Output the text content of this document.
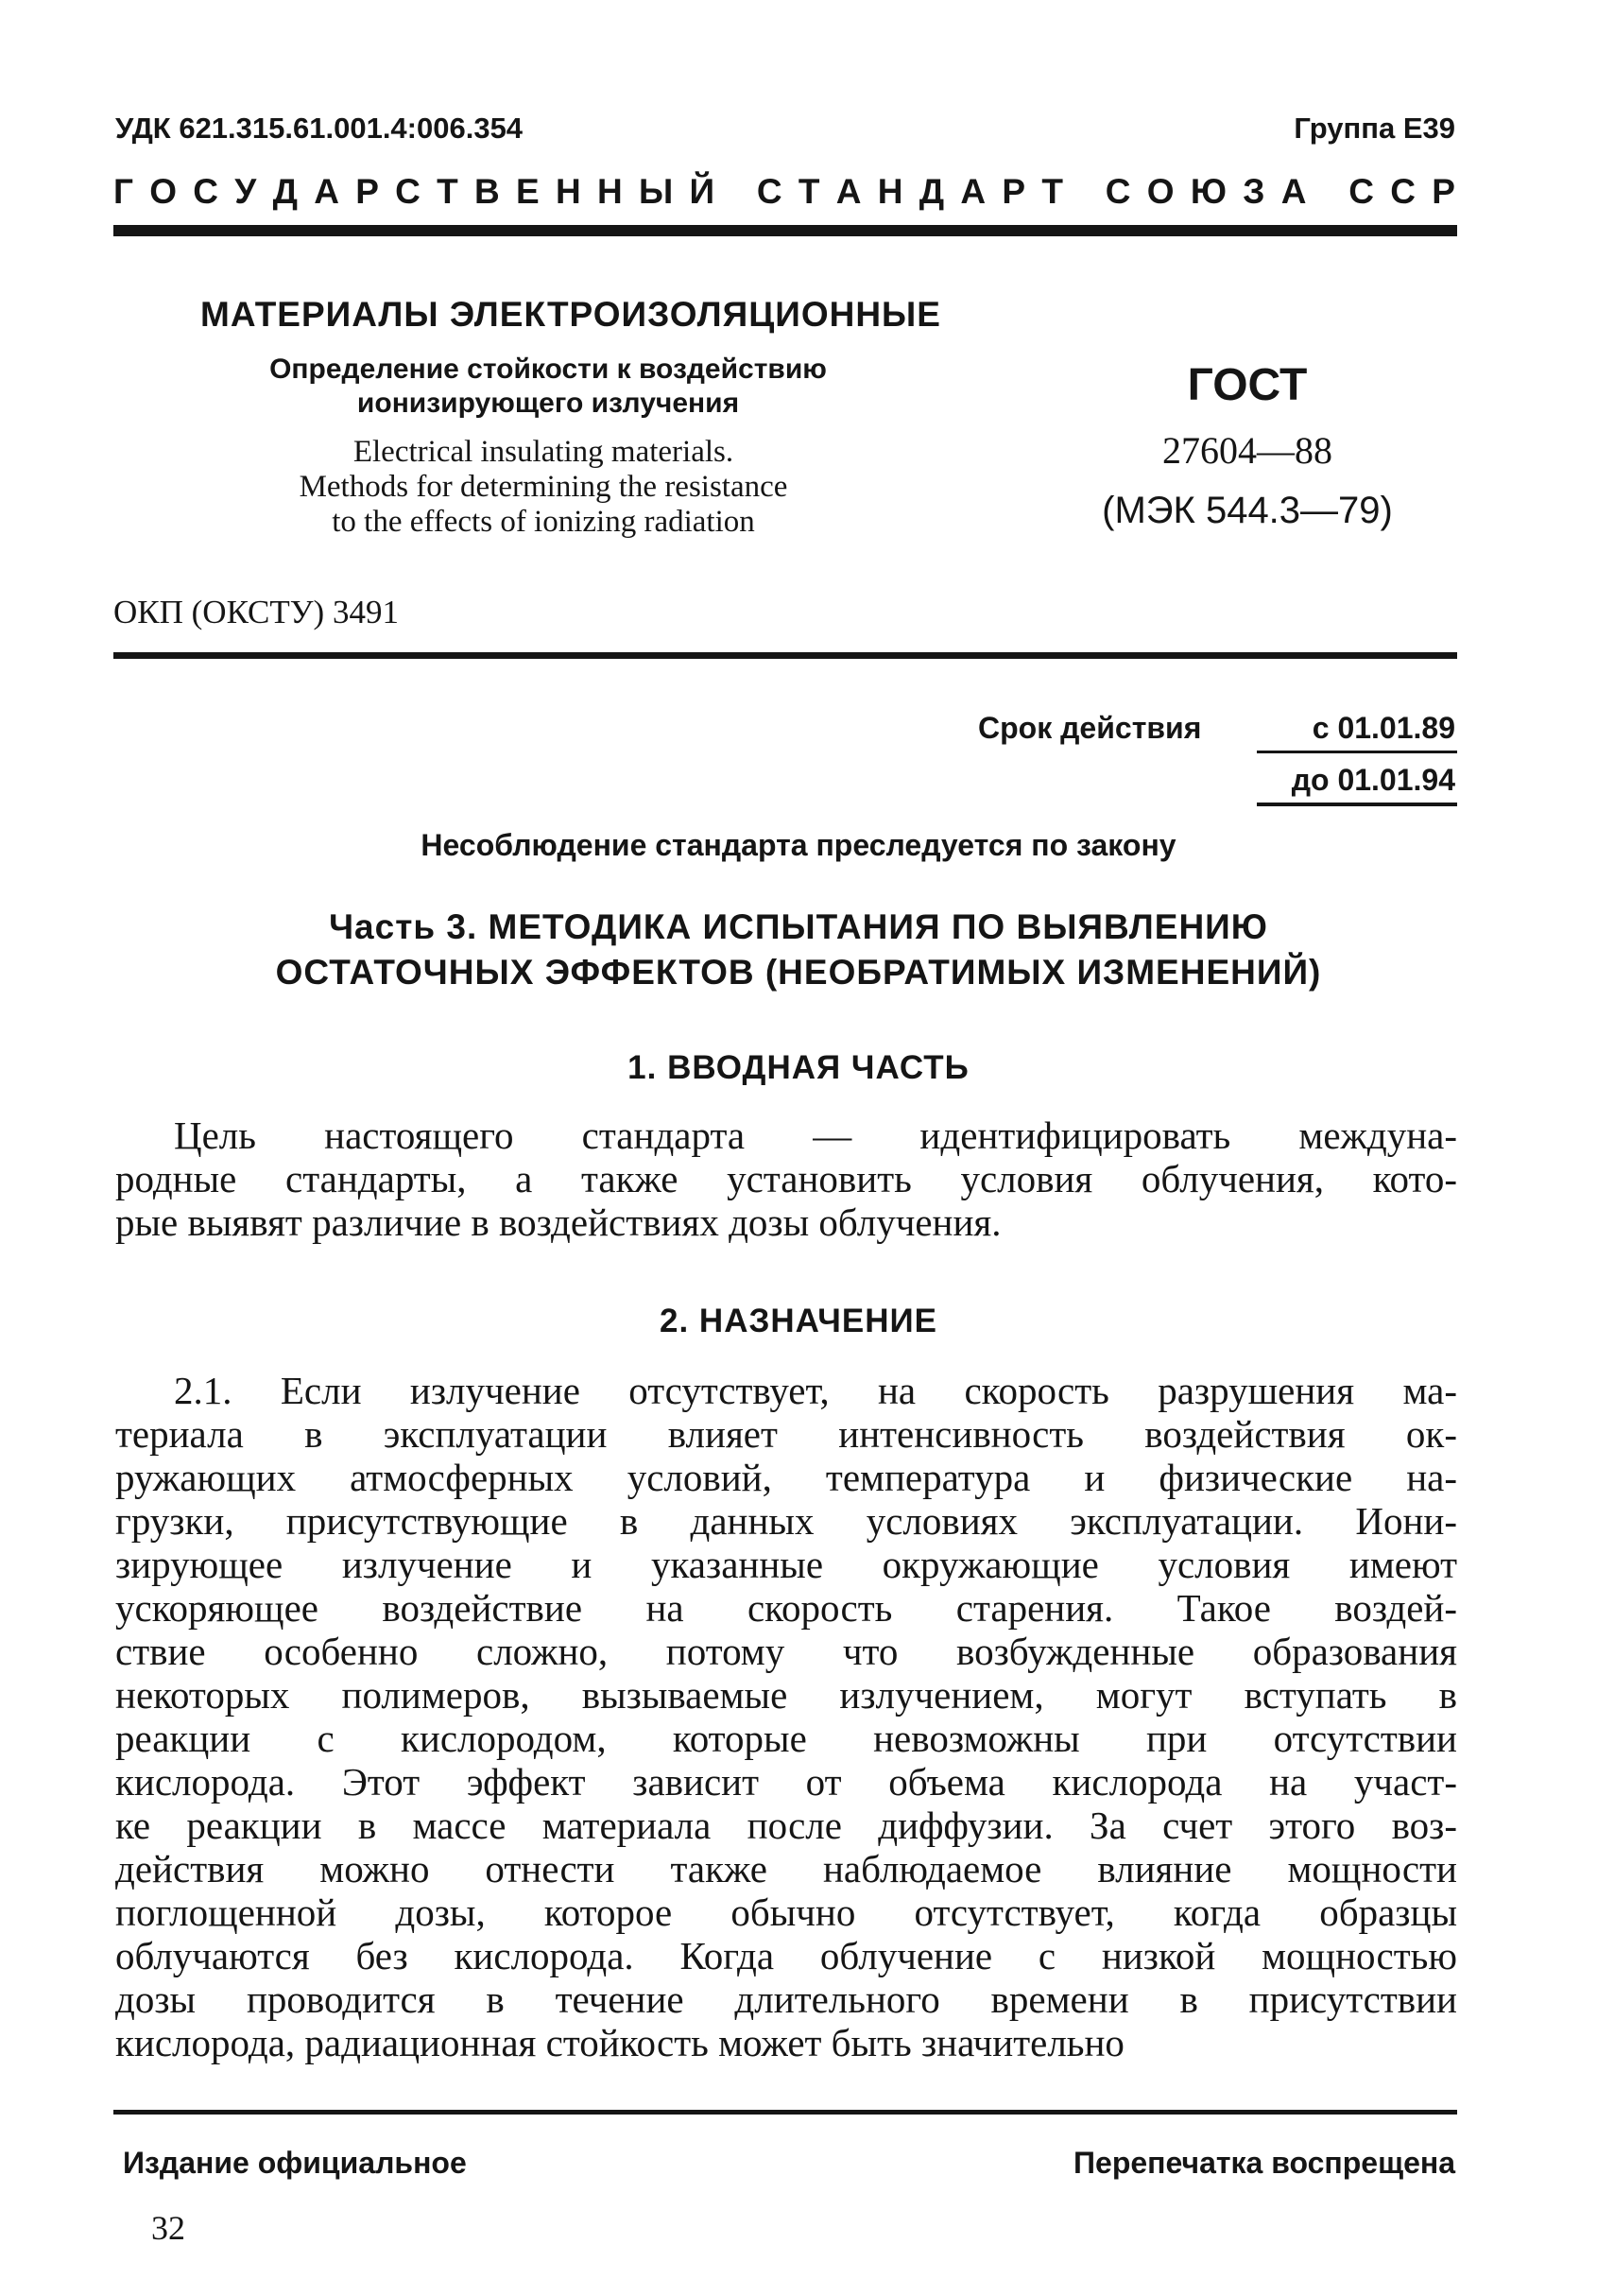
УДК 621.315.61.001.4:006.354	Группа Е39
Г О С У Д А Р С Т В Е Н Н Ы Й
С Т А Н Д А Р Т
С О Ю З А
С С Р
МАТЕРИАЛЫ ЭЛЕКТРОИЗОЛЯЦИОННЫЕ
Определение стойкости к воздействию
ионизирующего излучения
Electrical insulating materials.
Methods for determining the resistance
to the effects of ionizing radiation
ГОСТ
27604—88
(МЭК 544.3—79)
ОКП (ОКСТУ) 3491
Срок действия	с 01.01.89
до 01.01.94
Несоблюдение стандарта преследуется по закону
Часть 3. МЕТОДИКА ИСПЫТАНИЯ ПО ВЫЯВЛЕНИЮ
ОСТАТОЧНЫХ ЭФФЕКТОВ (НЕОБРАТИМЫХ ИЗМЕНЕНИЙ)
1. ВВОДНАЯ ЧАСТЬ
Цель настоящего стандарта — идентифицировать междуна-
родные стандарты, а также установить условия облучения, кото-
рые выявят различие в воздействиях дозы облучения.
2. НАЗНАЧЕНИЕ
2.1. Если излучение отсутствует, на скорость разрушения ма-
териала в эксплуатации влияет интенсивность воздействия ок-
ружающих атмосферных условий, температура и физические на-
грузки, присутствующие в данных условиях эксплуатации. Иони-
зирующее излучение и указанные окружающие условия имеют
ускоряющее воздействие на скорость старения. Такое воздей-
ствие особенно сложно, потому что возбужденные образования
некоторых полимеров, вызываемые излучением, могут вступать в
реакции с кислородом, которые невозможны при отсутствии
кислорода. Этот эффект зависит от объема кислорода на участ-
ке реакции в массе материала после диффузии. За счет этого воз-
действия можно отнести также наблюдаемое влияние мощности
поглощенной дозы, которое обычно отсутствует, когда образцы
облучаются без кислорода. Когда облучение с низкой мощностью
дозы проводится в течение длительного времени в присутствии
кислорода, радиационная стойкость может быть значительно
Издание официальное	Перепечатка воспрещена
32
